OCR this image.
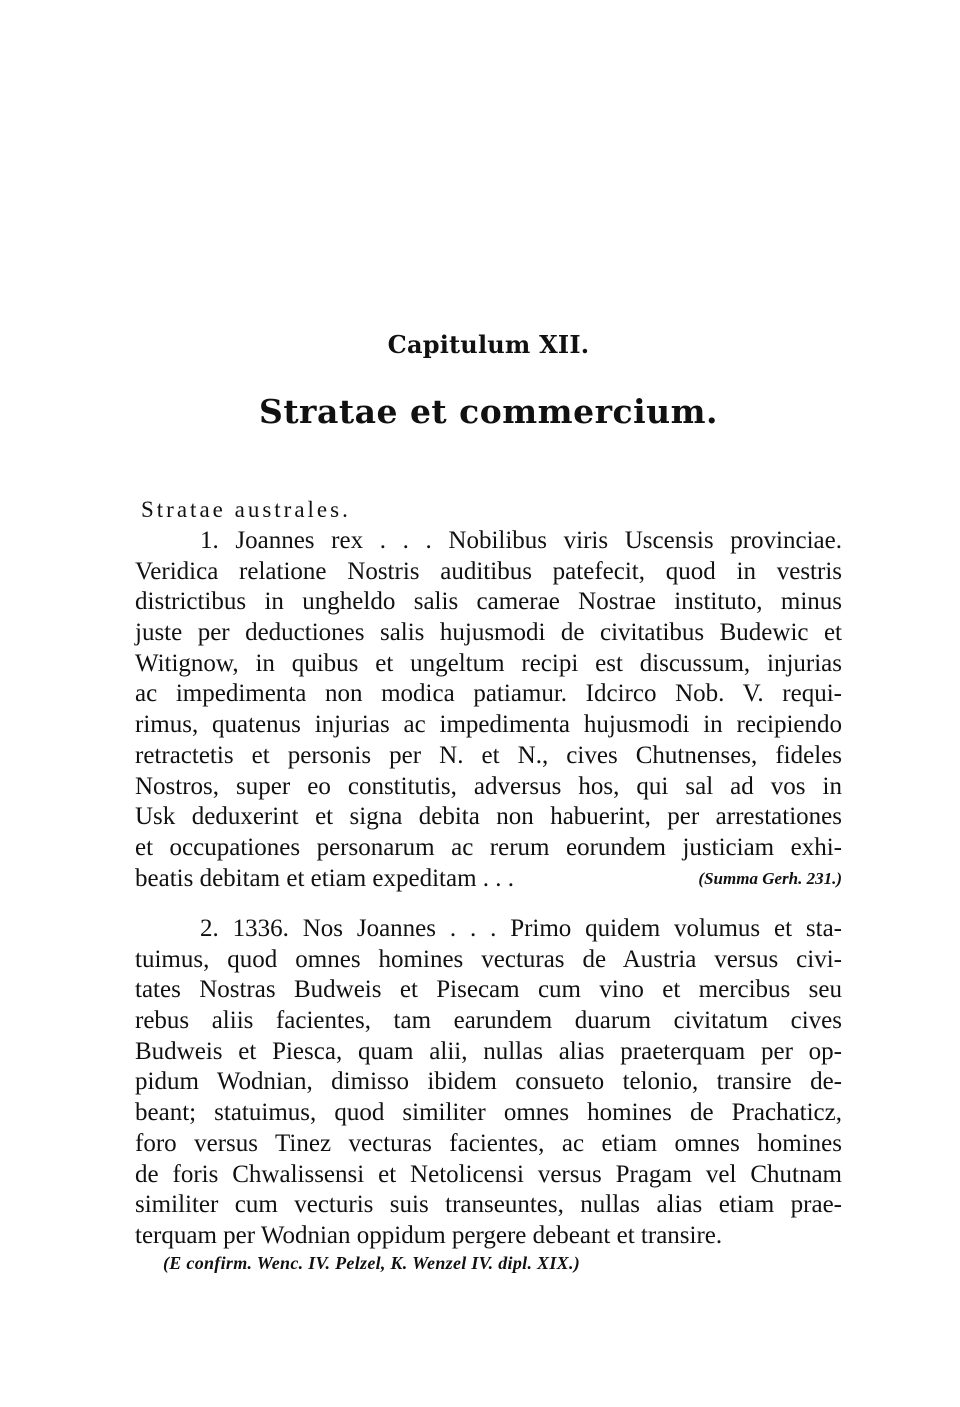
Capitulum XII.
Stratae et commercium.
Stratae australes.
1. Joannes rex . . . Nobilibus viris Uscensis provinciae.
Veridica relatione Nostris auditibus patefecit, quod in vestris
districtibus in ungheldo salis camerae Nostrae instituto, minus
juste per deductiones salis hujusmodi de civitatibus Budewic et
Witignow, in quibus et ungeltum recipi est discussum, injurias
ac impedimenta non modica patiamur. Idcirco Nob. V. requi-
rimus, quatenus injurias ac impedimenta hujusmodi in recipiendo
retractetis et personis per N. et N., cives Chutnenses, fideles
Nostros, super eo constitutis, adversus hos, qui sal ad vos in
Usk deduxerint et signa debita non habuerint, per arrestationes
et occupationes personarum ac rerum eorundem justiciam exhi-
beatis debitam et etiam expeditam . . .	(Summa Gerh. 231.)
2. 1336. Nos Joannes . . . Primo quidem volumus et sta-
tuimus, quod omnes homines vecturas de Austria versus civi-
tates Nostras Budweis et Pisecam cum vino et mercibus seu
rebus aliis facientes, tam earundem duarum civitatum cives
Budweis et Piesca, quam alii, nullas alias praeterquam per op-
pidum Wodnian, dimisso ibidem consueto telonio, transire de-
beant; statuimus, quod similiter omnes homines de Prachaticz,
foro versus Tinez vecturas facientes, ac etiam omnes homines
de foris Chwalissensi et Netolicensi versus Pragam vel Chutnam
similiter cum vecturis suis transeuntes, nullas alias etiam prae-
terquam per Wodnian oppidum pergere debeant et transire.
(E confirm. Wenc. IV. Pelzel, K. Wenzel IV. dipl. XIX.)
